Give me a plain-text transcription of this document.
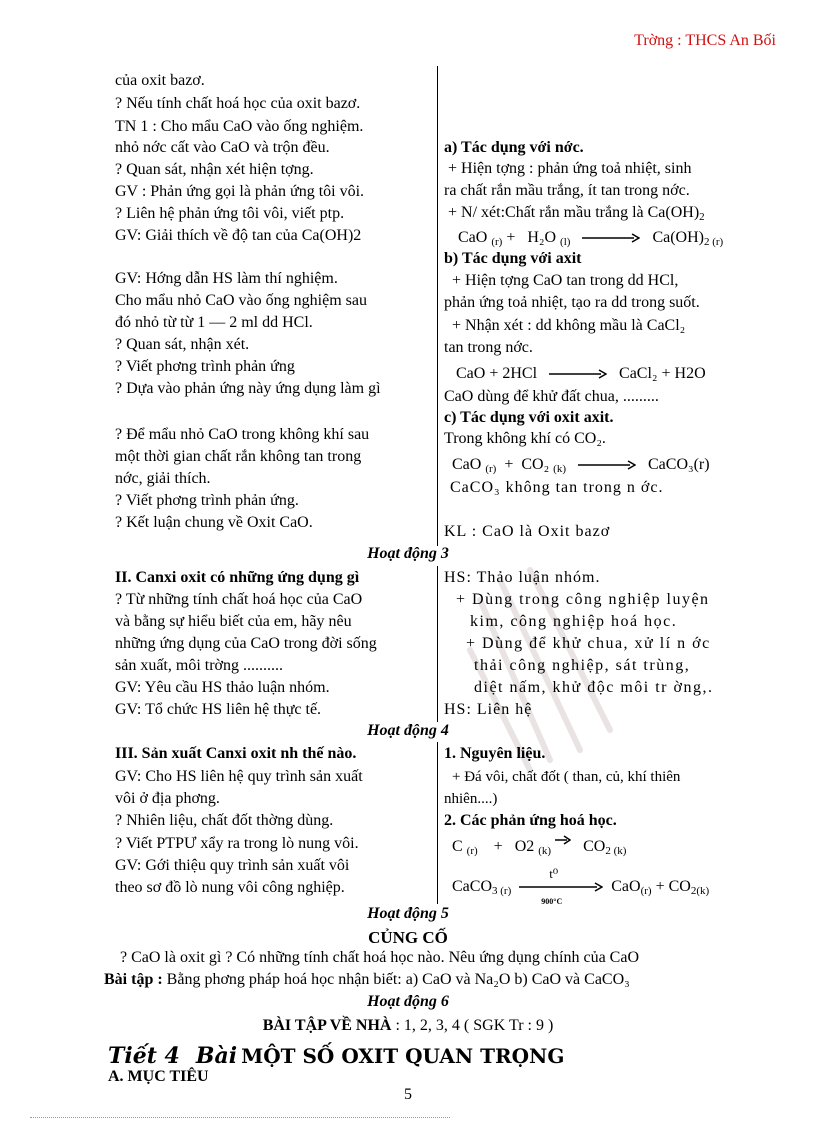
Trờng : THCS An Bối
của oxit bazơ.
? Nếu tính chất hoá học của oxit bazơ.
TN 1 : Cho mẩu CaO vào ống nghiệm.
nhỏ nớc cất vào CaO và trộn đều.
? Quan sát, nhận xét hiện tợng.
GV : Phản ứng gọi là phản ứng tôi vôi.
? Liên hệ phản ứng tôi vôi, viết ptp.
GV: Giải thích về độ tan của Ca(OH)2
GV: Hớng dẫn HS làm thí nghiệm.
Cho mẩu nhỏ CaO vào ống nghiệm sau
đó nhỏ từ từ 1 — 2 ml dd HCl.
? Quan sát, nhận xét.
? Viết phơng trình phản ứng
? Dựa vào phản ứng này ứng dụng làm gì
? Để mẩu nhỏ CaO trong không khí sau
một thời gian chất rắn không tan trong
nớc, giải thích.
? Viết phơng trình phản ứng.
? Kết luận chung về Oxit CaO.
a) Tác dụng với nớc.
+ Hiện tợng : phản ứng toả nhiệt, sinh
ra chất rắn mầu trắng, ít tan trong nớc.
+ N/ xét:Chất rắn mầu trắng là $Ca(OH)_2$
CaO $_{(r)}$ + H₂O $_{(l)} \to Ca(OH)_{2 (r)}$
b) Tác dụng với axit
+ Hiện tợng CaO tan trong dd HCl,
phản ứng toả nhiệt, tạo ra dd trong suốt.
+ Nhận xét : dd không mầu là CaCl₂
tan trong nớc.
CaO + 2HCl → CaCl₂ + H2O
CaO dùng để khử đất chua, .........
c) Tác dụng với oxit axit.
Trong không khí có CO₂.
CaO $_{(r)}$ + CO₂ $_{(k)}$ → CaCO₃(r)
CaCO₃ không tan trong n ớc.
KL : CaO là Oxit bazơ
Hoạt động 3
II. Canxi oxit có những ứng dụng gì
? Từ những tính chất hoá học của CaO
và bằng sự hiểu biết của em, hãy nêu
những ứng dụng của CaO trong đời sống
sản xuất, môi trờng ..........
GV: Yêu cầu HS thảo luận nhóm.
GV: Tổ chức HS liên hệ thực tế.
HS: Thảo luận nhóm.
+ Dùng trong công nghiệp luyện
kim, công nghiệp hoá học.
+ Dùng để khử chua, xử lí n ớc
thải công nghiệp, sát trùng,
diệt nấm, khử độc môi tr ờng,.
HS: Liên hệ
Hoạt động 4
III. Sản xuất Canxi oxit nh thế nào.
GV: Cho HS liên hệ quy trình sản xuất
vôi ở địa phơng.
? Nhiên liệu, chất đốt thờng dùng.
? Viết PTPƯ xẩy ra trong lò nung vôi.
GV: Gới thiệu quy trình sản xuất vôi
theo sơ đồ lò nung vôi công nghiệp.
1. Nguyên liệu.
+ Đá vôi, chất đốt ( than, củ, khí thiên
nhiên....)
2. Các phản ứng hoá học.
C $_{(r)}$ + O2 $_{(k)} \to CO_{2 (k)}$
CaCO$_{3 (r)}$
t⁰
900°C
$CaO_{(r)} + CO_{2(k)}$
Hoạt động 5
CỦNG CỐ
? CaO là oxit gì ? Có những tính chất hoá học nào. Nêu ứng dụng chính của CaO
Bài tập : Bằng phơng pháp hoá học nhận biết: a) CaO và Na₂O b) CaO và CaCO₃
Hoạt động 6
BÀI TẬP VỀ NHÀ : 1, 2, 3, 4 ( SGK Tr : 9 )
Tiết 4 Bài MỘT SỐ OXIT QUAN TRỌNG
A. MỤC TIÊU
5
